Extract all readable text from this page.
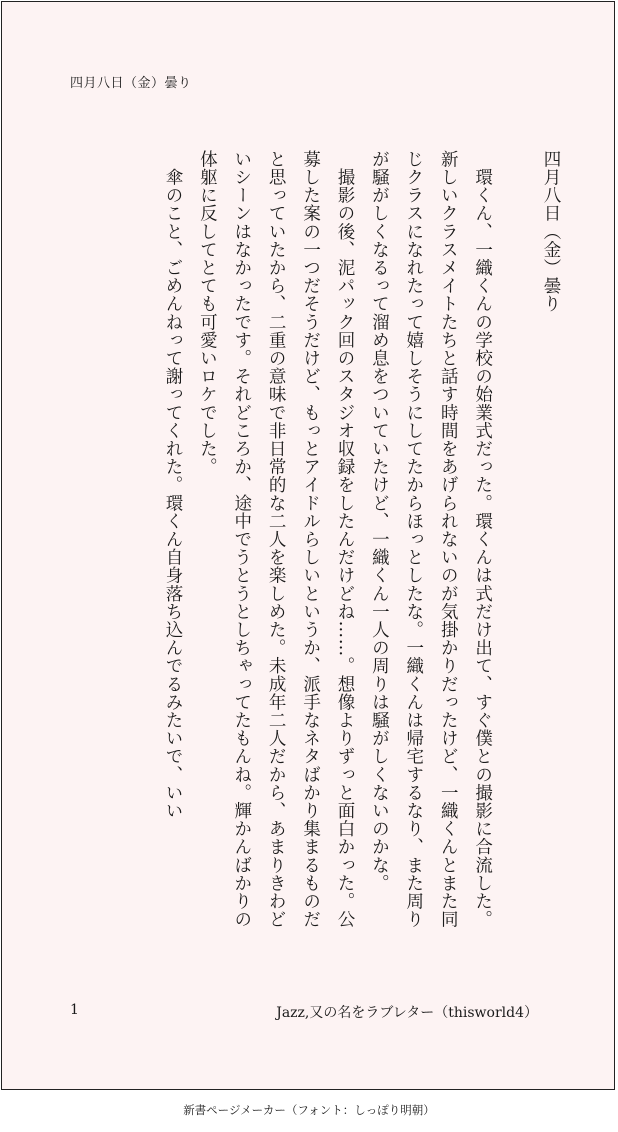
四月八日（金）曇り

四月八日（金）曇り

　環くん、一織くんの学校の始業式だった。環くんは式だけ出て、すぐ僕との撮影に合流した。新しいクラスメイトたちと話す時間をあげられないのが気掛かりだったけど、一織くんとまた同じクラスになれたって嬉しそうにしてたからほっとしたな。一織くんは帰宅するなり、また周りが騒がしくなるって溜め息をついていたけど、一織くん一人の周りは騒がしくないのかな。

　撮影の後、泥パック回のスタジオ収録をしたんだけどね……。想像よりずっと面白かった。公募した案の一つだそうだけど、もっとアイドルらしいというか、派手なネタばかり集まるものだと思っていたから、二重の意味で非日常的な二人を楽しめた。未成年二人だから、あまりきわどいシーンはなかったです。それどころか、途中でうとうとしちゃってたもんね。輝かんばかりの体躯に反してとても可愛いロケでした。

　傘のこと、ごめんねって謝ってくれた。環くん自身落ち込んでるみたいで、いい

1	Jazz,又の名をラブレター（thisworld4）
新書ページメーカー（フォント：しっぽり明朝）
